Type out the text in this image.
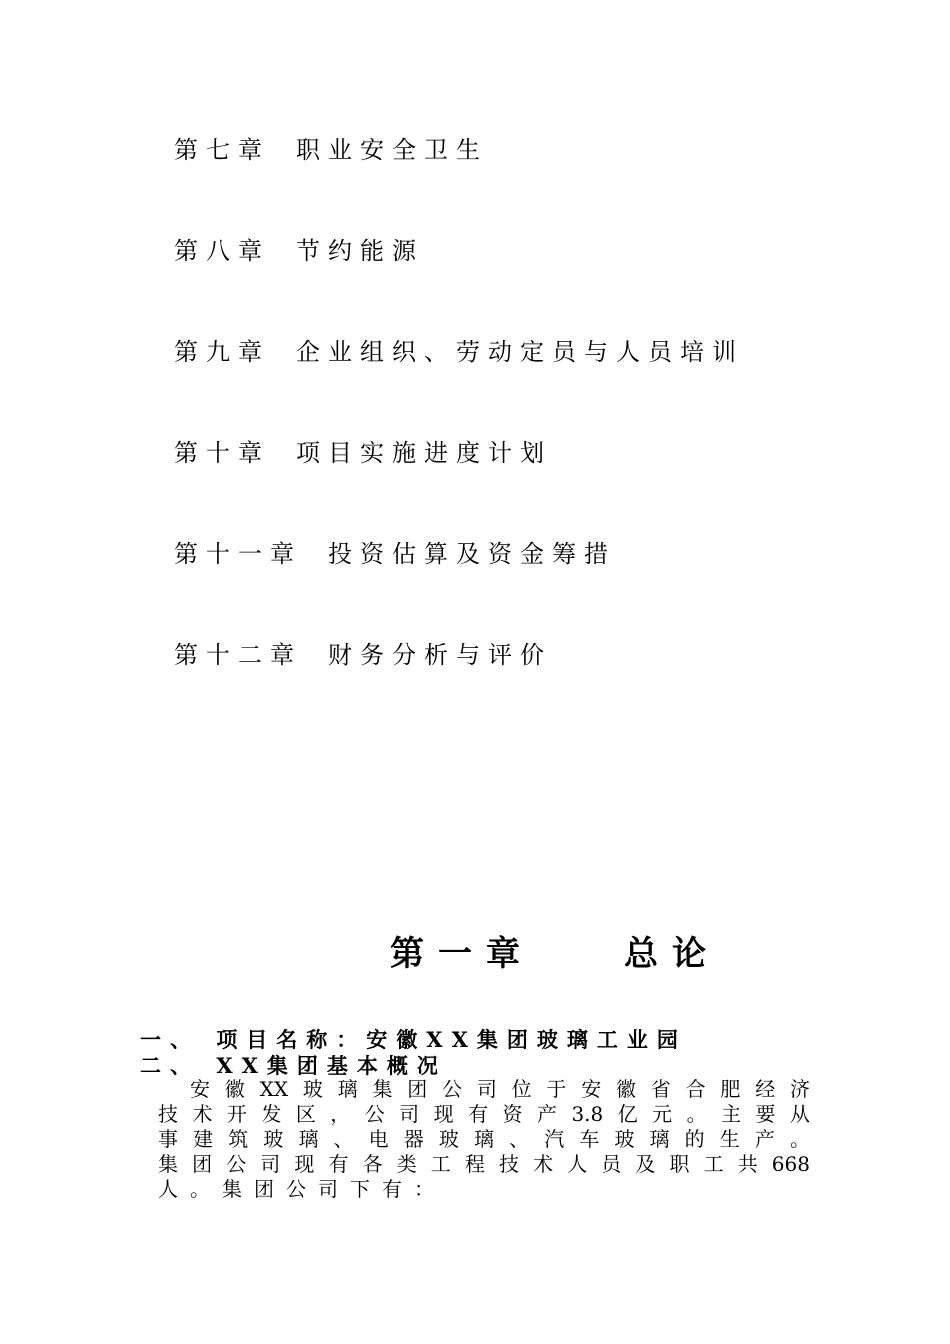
第七章 职业安全卫生
第八章 节约能源
第九章 企业组织、劳动定员与人员培训
第十章 项目实施进度计划
第十一章 投资估算及资金筹措
第十二章 财务分析与评价
第一章	总论
一、 项目名称：安徽XX集团玻璃工业园
二、 XX集团基本概况
安徽XX玻璃集团公司位于安徽省合肥经济
技术开发区，公司现有资产3.8亿元。主要从
事建筑玻璃、电器玻璃、汽车玻璃的生产。
集团公司现有各类工程技术人员及职工共668
人。集团公司下有：
